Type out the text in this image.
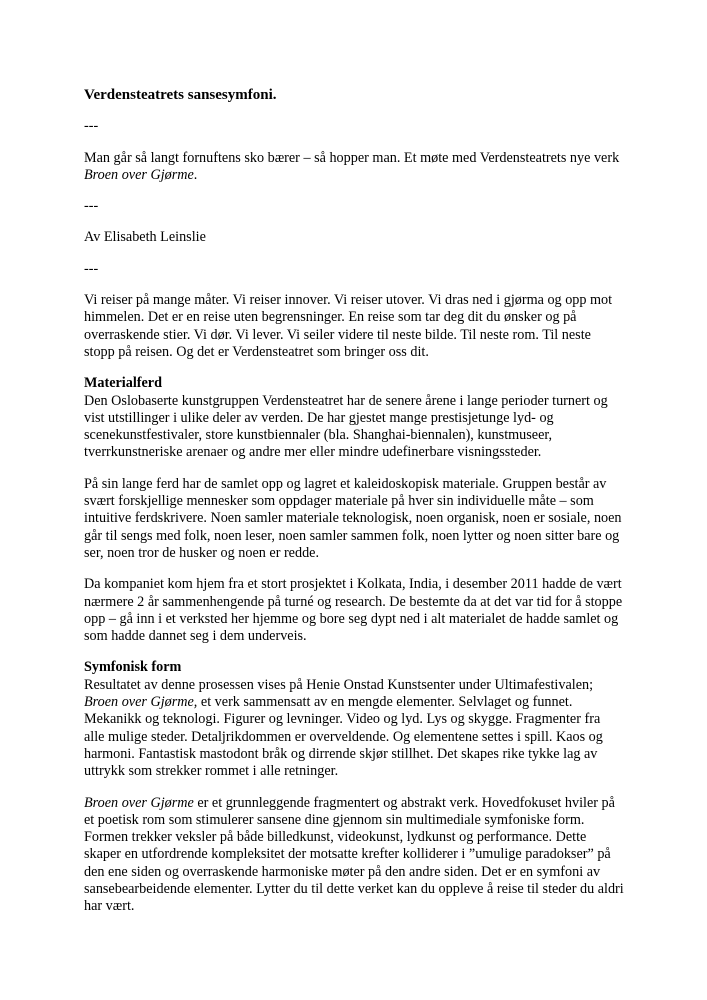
Verdensteatrets sansesymfoni.

---

Man går så langt fornuftens sko bærer – så hopper man. Et møte med Verdensteatrets nye verk Broen over Gjørme.

---

Av Elisabeth Leinslie

---

Vi reiser på mange måter. Vi reiser innover. Vi reiser utover. Vi dras ned i gjørma og opp mot himmelen. Det er en reise uten begrensninger. En reise som tar deg dit du ønsker og på overraskende stier. Vi dør. Vi lever. Vi seiler videre til neste bilde. Til neste rom. Til neste stopp på reisen. Og det er Verdensteatret som bringer oss dit.

Materialferd

Den Oslobaserte kunstgruppen Verdensteatret har de senere årene i lange perioder turnert og vist utstillinger i ulike deler av verden. De har gjestet mange prestisjetunge lyd- og scenekunstfestivaler, store kunstbiennaler (bla. Shanghai-biennalen), kunstmuseer, tverrkunstneriske arenaer og andre mer eller mindre udefinerbare visningssteder.

På sin lange ferd har de samlet opp og lagret et kaleidoskopisk materiale. Gruppen består av svært forskjellige mennesker som oppdager materiale på hver sin individuelle måte – som intuitive ferdskrivere. Noen samler materiale teknologisk, noen organisk, noen er sosiale, noen går til sengs med folk, noen leser, noen samler sammen folk, noen lytter og noen sitter bare og ser, noen tror de husker og noen er redde.

Da kompaniet kom hjem fra et stort prosjektet i Kolkata, India, i desember 2011 hadde de vært nærmere 2 år sammenhengende på turné og research. De bestemte da at det var tid for å stoppe opp – gå inn i et verksted her hjemme og bore seg dypt ned i alt materialet de hadde samlet og som hadde dannet seg i dem underveis.

Symfonisk form

Resultatet av denne prosessen vises på Henie Onstad Kunstsenter under Ultimafestivalen; Broen over Gjørme, et verk sammensatt av en mengde elementer. Selvlaget og funnet. Mekanikk og teknologi. Figurer og levninger. Video og lyd. Lys og skygge. Fragmenter fra alle mulige steder. Detaljrikdommen er overveldende. Og elementene settes i spill. Kaos og harmoni. Fantastisk mastodont bråk og dirrende skjør stillhet. Det skapes rike tykke lag av uttrykk som strekker rommet i alle retninger.

Broen over Gjørme er et grunnleggende fragmentert og abstrakt verk. Hovedfokuset hviler på et poetisk rom som stimulerer sansene dine gjennom sin multimediale symfoniske form. Formen trekker veksler på både billedkunst, videokunst, lydkunst og performance. Dette skaper en utfordrende kompleksitet der motsatte krefter kolliderer i ”umulige paradokser” på den ene siden og overraskende harmoniske møter på den andre siden. Det er en symfoni av sansebearbeidende elementer. Lytter du til dette verket kan du oppleve å reise til steder du aldri har vært.
